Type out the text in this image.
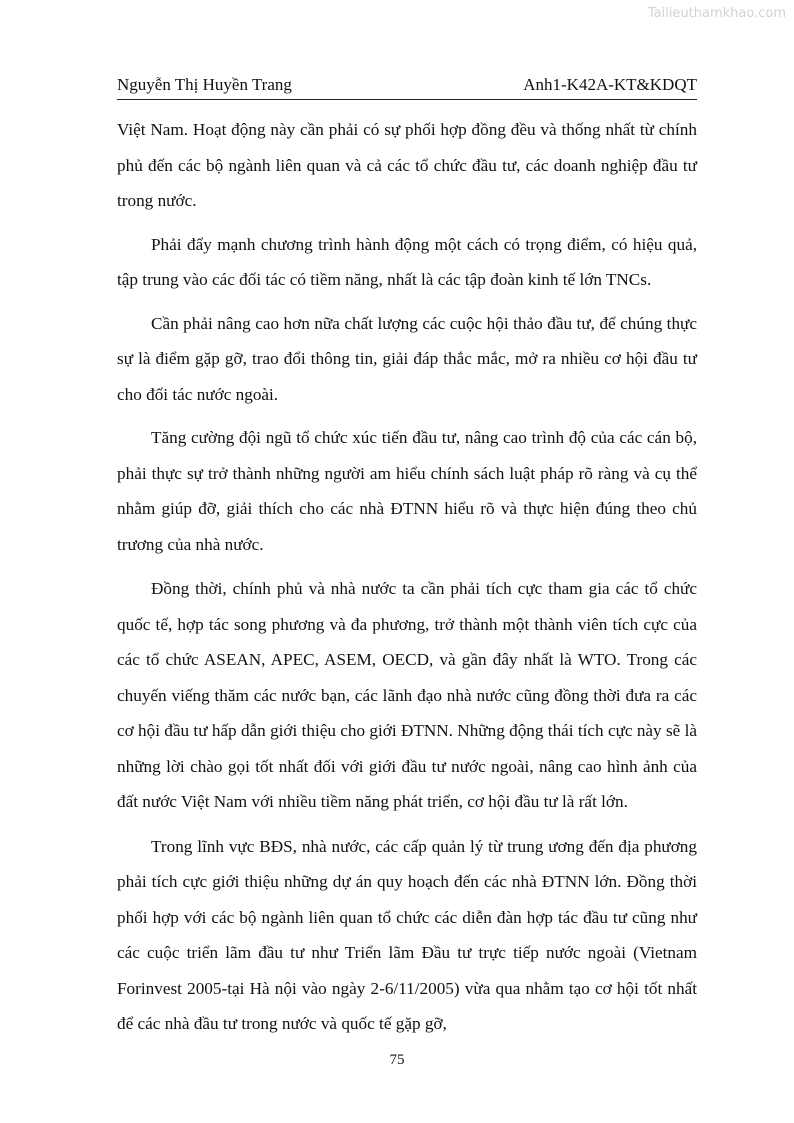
Tailieuthamkhao.com
Nguyễn Thị Huyền Trang	Anh1-K42A-KT&KDQT

Việt Nam. Hoạt động này cần phải có sự phối hợp đồng đều và thống nhất từ chính phủ đến các bộ ngành liên quan và cả các tổ chức đầu tư, các doanh nghiệp đầu tư trong nước.

Phải đẩy mạnh chương trình hành động một cách có trọng điểm, có hiệu quả, tập trung vào các đối tác có tiềm năng, nhất là các tập đoàn kinh tế lớn TNCs.

Cần phải nâng cao hơn nữa chất lượng các cuộc hội thảo đầu tư, để chúng thực sự là điểm gặp gỡ, trao đổi thông tin, giải đáp thắc mắc, mở ra nhiều cơ hội đầu tư cho đối tác nước ngoài.

Tăng cường đội ngũ tổ chức xúc tiến đầu tư, nâng cao trình độ của các cán bộ, phải thực sự trở thành những người am hiểu chính sách luật pháp rõ ràng và cụ thể nhằm giúp đỡ, giải thích cho các nhà ĐTNN hiểu rõ và thực hiện đúng theo chủ trương của nhà nước.

Đồng thời, chính phủ và nhà nước ta cần phải tích cực tham gia các tổ chức quốc tế, hợp tác song phương và đa phương, trở thành một thành viên tích cực của các tổ chức ASEAN, APEC, ASEM, OECD, và gần đây nhất là WTO. Trong các chuyến viếng thăm các nước bạn, các lãnh đạo nhà nước cũng đồng thời đưa ra các cơ hội đầu tư hấp dẫn giới thiệu cho giới ĐTNN. Những động thái tích cực này sẽ là những lời chào gọi tốt nhất đối với giới đầu tư nước ngoài, nâng cao hình ảnh của đất nước Việt Nam với nhiều tiềm năng phát triển, cơ hội đầu tư là rất lớn.

Trong lĩnh vực BĐS, nhà nước, các cấp quản lý từ trung ương đến địa phương phải tích cực giới thiệu những dự án quy hoạch đến các nhà ĐTNN lớn. Đồng thời phối hợp với các bộ ngành liên quan tổ chức các diễn đàn hợp tác đầu tư cũng như các cuộc triển lãm đầu tư như Triển lãm Đầu tư trực tiếp nước ngoài (Vietnam Forinvest 2005-tại Hà nội vào ngày 2-6/11/2005) vừa qua nhằm tạo cơ hội tốt nhất để các nhà đầu tư trong nước và quốc tế gặp gỡ,

75
